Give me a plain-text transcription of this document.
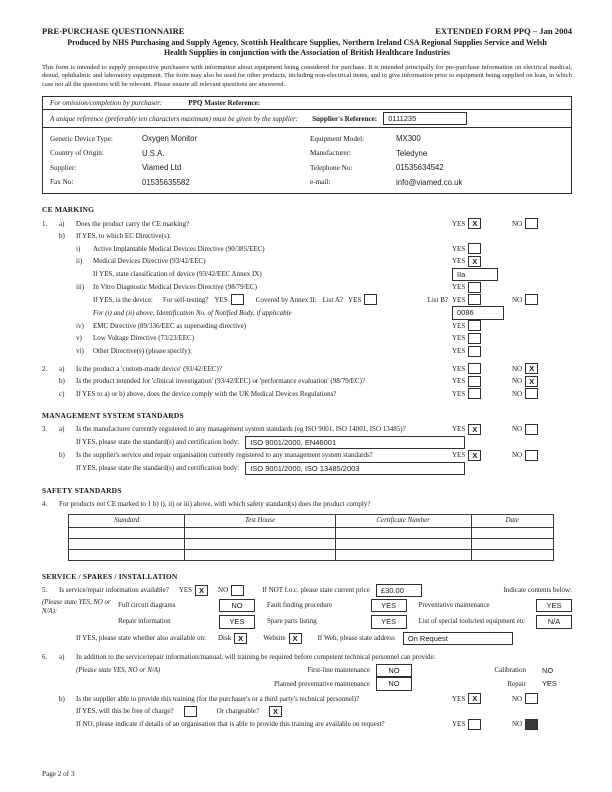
PRE-PURCHASE QUESTIONNAIRE	EXTENDED FORM PPQ – Jan 2004
Produced by NHS Purchasing and Supply Agency, Scottish Healthcare Supplies, Northern Ireland CSA Regional Supplies Service and Welsh Health Supplies in conjunction with the Association of British Healthcare Industries
This form is intended to supply prospective purchasers with information about equipment being considered for purchase. It is intended principally for pre-purchase information on electrical medical, dental, ophthalmic and laboratory equipment. The form may also be used for other products, including non-electrical items, and to give information prior to equipment being supplied on loan, in which case not all the questions will be relevant. Please ensure all relevant questions are answered.
For omission/completion by purchaser:	PPQ Master Reference:
A unique reference (preferably ten characters maximum) must be given by the supplier: Supplier's Reference:	0111235
Generic Device Type:	Oxygen Monitor	Equipment Model:	MX300
Country of Origin:	U.S.A.	Manufacturer:	Teledyne
Supplier:	Viamed Ltd	Telephone No:	01535634542
Fax No:	01535635582	e-mail:	info@viamed.co.uk
CE MARKING
1.	a)	Does the product carry the CE marking?	YES X	NO
b)	If YES, to which EC Directive(s):
i)	Active Implantable Medical Devices Directive (90/385/EEC)	YES
ii)	Medical Devices Directive (93/42/EEC)	YES X
If YES, state classification of device (93/42/EEC Annex IX)	IIa
iii)	In Vitro Diagnostic Medical Devices Directive (98/79/EC)	YES
If YES, is the device: For self-testing? YES	Covered by Annex II: List A? YES	List B? YES	NO
For (i) and (ii) above, Identification No. of Notified Body, if applicable	0086
iv)	EMC Directive (89/336/EEC as superseding directive)	YES
v)	Low Voltage Directive (73/23/EEC)	YES
vi)	Other Directive(s) (please specify):	YES
2.	a)	Is the product a 'custom-made device' (93/42/EEC)?	YES	NO X
b)	Is the product intended for 'clinical investigation' (93/42/EEC) or 'performance evaluation' (98/79/EC)?	YES	NO X
c)	If YES to a) or b) above, does the device comply with the UK Medical Devices Regulations?	YES	NO
MANAGEMENT SYSTEM STANDARDS
3.	a)	Is the manufacturer currently registered to any management system standards (eg ISO 9001, ISO 14001, ISO 13485)?	YES X	NO
If YES, please state the standard(s) and certification body:	ISO 9001/2000, EN46001
b)	Is the supplier's service and repair organisation currently registered to any management system standards?	YES X	NO
If YES, please state the standard(s) and certification body:	ISO 9001/2000, ISO 13485/2003
SAFETY STANDARDS
4.	For products not CE marked to 1 b) i), ii) or iii) above, with which safety standard(s) does the product comply?
Standard	Test House	Certificate Number	Date

SERVICE / SPARES / INSTALLATION
5.	Is service/repair information available? YES X	NO	If NOT f.o.c. please state current price	£30.00	Indicate contents below:
(Please state YES, NO or N/A):
Full circuit diagrams	NO	Fault finding procedure	YES	Preventative maintenance	YES
Repair information	YES	Spare parts listing	YES	List of special tools/test equipment etc	N/A
If YES, please state whether also available on: Disk X	Website X	If Web, please state address	On Request
6.	a)	In addition to the service/repair information/manual, will training be required before competent technical personnel can provide:
(Please state YES, NO or N/A)	First-line maintenance	NO	Calibration NO
Planned preventative maintenance	NO	Repair YES
b)	Is the supplier able to provide this training (for the purchaser's or a third party's technical personnel)?	YES X	NO
If YES, will this be free of charge?	Or chargeable?	X
If NO, please indicate if details of an organisation that is able to provide this training are available on request?	YES	NO
Page 2 of 3
